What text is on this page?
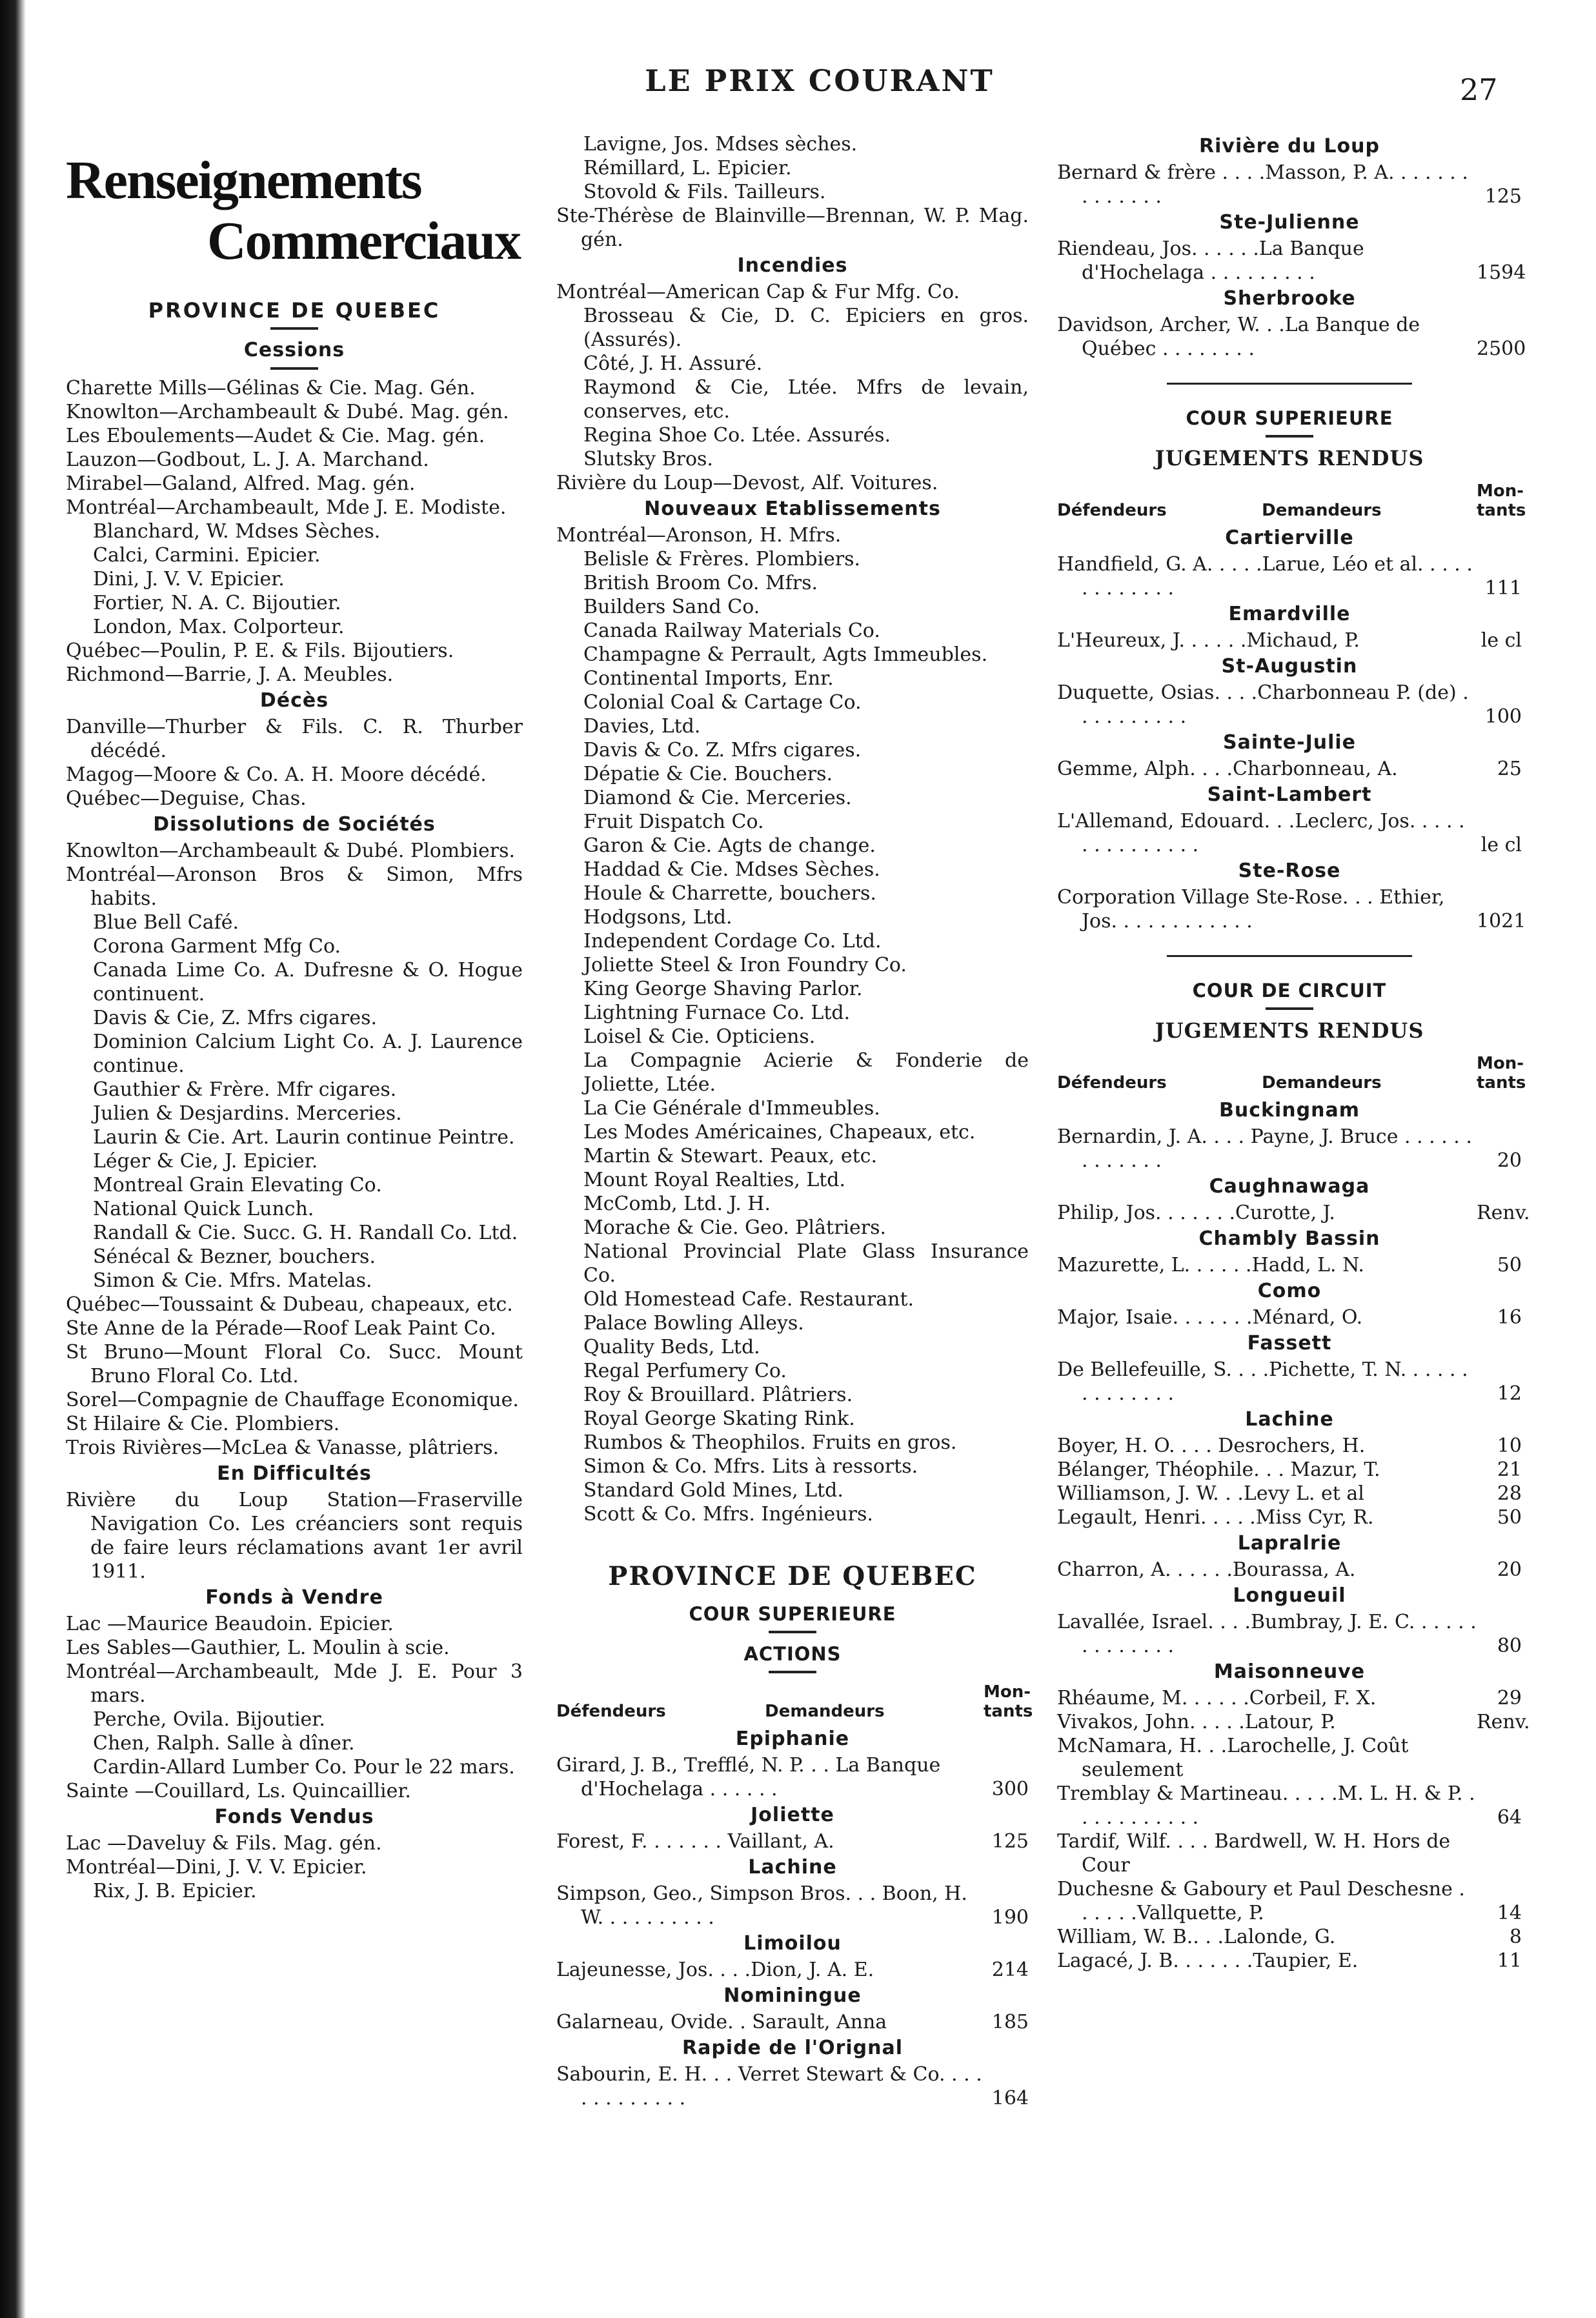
LE PRIX COURANT	27
Renseignements
Commerciaux
PROVINCE DE QUEBEC
Cessions
Charette Mills—Gélinas & Cie. Mag. Gén.
Knowlton—Archambeault & Dubé. Mag. gén.
Les Eboulements—Audet & Cie. Mag. gén.
Lauzon—Godbout, L. J. A. Marchand.
Mirabel—Galand, Alfred. Mag. gén.
Montréal—Archambeault, Mde J. E. Modiste.
Blanchard, W. Mdses Sèches.
Calci, Carmini. Epicier.
Dini, J. V. V. Epicier.
Fortier, N. A. C. Bijoutier.
London, Max. Colporteur.
Québec—Poulin, P. E. & Fils. Bijoutiers.
Richmond—Barrie, J. A. Meubles.
Décès
Danville—Thurber & Fils. C. R. Thurber décédé.
Magog—Moore & Co. A. H. Moore décédé.
Québec—Deguise, Chas.
Dissolutions de Sociétés
Knowlton—Archambeault & Dubé. Plombiers.
Montréal—Aronson Bros & Simon, Mfrs habits.
Blue Bell Café.
Corona Garment Mfg Co.
Canada Lime Co. A. Dufresne & O. Hogue continuent.
Davis & Cie, Z. Mfrs cigares.
Dominion Calcium Light Co. A. J. Laurence continue.
Gauthier & Frère. Mfr cigares.
Julien & Desjardins. Merceries.
Laurin & Cie. Art. Laurin continue Peintre.
Léger & Cie, J. Epicier.
Montreal Grain Elevating Co.
National Quick Lunch.
Randall & Cie. Succ. G. H. Randall Co. Ltd.
Sénécal & Bezner, bouchers.
Simon & Cie. Mfrs. Matelas.
Québec—Toussaint & Dubeau, chapeaux, etc.
Ste Anne de la Pérade—Roof Leak Paint Co.
St Bruno—Mount Floral Co. Succ. Mount Bruno Floral Co. Ltd.
Sorel—Compagnie de Chauffage Economique.
St Hilaire & Cie. Plombiers.
Trois Rivières—McLea & Vanasse, plâtriers.
En Difficultés
Rivière du Loup Station—Fraserville Navigation Co. Les créanciers sont requis de faire leurs réclamations avant 1er avril 1911.
Fonds à Vendre
Lac —Maurice Beaudoin. Epicier.
Les Sables—Gauthier, L. Moulin à scie.
Montréal—Archambeault, Mde J. E. Pour 3 mars.
Perche, Ovila. Bijoutier.
Chen, Ralph. Salle à dîner.
Cardin-Allard Lumber Co. Pour le 22 mars.
Sainte —Couillard, Ls. Quincaillier.
Fonds Vendus
Lac —Daveluy & Fils. Mag. gén.
Montréal—Dini, J. V. V. Epicier.
Rix, J. B. Epicier.
Lavigne, Jos. Mdses sèches.
Rémillard, L. Epicier.
Stovold & Fils. Tailleurs.
Ste-Thérèse de Blainville—Brennan, W. P. Mag. gén.
Incendies
Montréal—American Cap & Fur Mfg. Co.
Brosseau & Cie, D. C. Epiciers en gros. (Assurés).
Côté, J. H. Assuré.
Raymond & Cie, Ltée. Mfrs de levain, conserves, etc.
Regina Shoe Co. Ltée. Assurés.
Slutsky Bros.
Rivière du Loup—Devost, Alf. Voitures.
Nouveaux Etablissements
Montréal—Aronson, H. Mfrs.
Belisle & Frères. Plombiers.
British Broom Co. Mfrs.
Builders Sand Co.
Canada Railway Materials Co.
Champagne & Perrault, Agts Immeubles.
Continental Imports, Enr.
Colonial Coal & Cartage Co.
Davies, Ltd.
Davis & Co. Z. Mfrs cigares.
Dépatie & Cie. Bouchers.
Diamond & Cie. Merceries.
Fruit Dispatch Co.
Garon & Cie. Agts de change.
Haddad & Cie. Mdses Sèches.
Houle & Charrette, bouchers.
Hodgsons, Ltd.
Independent Cordage Co. Ltd.
Joliette Steel & Iron Foundry Co.
King George Shaving Parlor.
Lightning Furnace Co. Ltd.
Loisel & Cie. Opticiens.
La Compagnie Acierie & Fonderie de Joliette, Ltée.
La Cie Générale d'Immeubles.
Les Modes Américaines, Chapeaux, etc.
Martin & Stewart. Peaux, etc.
Mount Royal Realties, Ltd.
McComb, Ltd. J. H.
Morache & Cie. Geo. Plâtriers.
National Provincial Plate Glass Insurance Co.
Old Homestead Cafe. Restaurant.
Palace Bowling Alleys.
Quality Beds, Ltd.
Regal Perfumery Co.
Roy & Brouillard. Plâtriers.
Royal George Skating Rink.
Rumbos & Theophilos. Fruits en gros.
Simon & Co. Mfrs. Lits à ressorts.
Standard Gold Mines, Ltd.
Scott & Co. Mfrs. Ingénieurs.
PROVINCE DE QUEBEC
COUR SUPERIEURE
ACTIONS
Défendeurs	Demandeurs
Mon- tants
Epiphanie
Girard, J. B., Trefflé, N. P. . . La Banque d'Hochelaga . . . . . .	300
Joliette
Forest, F. . . . . . . Vaillant, A.	125
Lachine
Simpson, Geo., Simpson Bros. . . Boon, H. W. . . . . . . . . .	190
Limoilou
Lajeunesse, Jos. . . .Dion, J. A. E.	214
Nominingue
Galarneau, Ovide. . Sarault, Anna	185
Rapide de l'Orignal
Sabourin, E. H. . . Verret Stewart & Co. . . . . . . . . . . . .	164
Rivière du Loup
Bernard & frère . . . .Masson, P. A. . . . . . . . . . . . . .	125
Ste-Julienne
Riendeau, Jos. . . . . .La Banque d'Hochelaga . . . . . . . . .	1594
Sherbrooke
Davidson, Archer, W. . .La Banque de Québec . . . . . . . .	2500
COUR SUPERIEURE
JUGEMENTS RENDUS
Défendeurs	Demandeurs
Mon- tants
Cartierville
Handfield, G. A. . . . .Larue, Léo et al. . . . . . . . . . . . .	111
Emardville
L'Heureux, J. . . . . .Michaud, P.	le cl
St-Augustin
Duquette, Osias. . . .Charbonneau P. (de) . . . . . . . . . .	100
Sainte-Julie
Gemme, Alph. . . .Charbonneau, A.	25
Saint-Lambert
L'Allemand, Edouard. . .Leclerc, Jos. . . . . . . . . . . . . . .	le cl
Ste-Rose
Corporation Village Ste-Rose. . . Ethier, Jos. . . . . . . . . . . .	1021
COUR DE CIRCUIT
JUGEMENTS RENDUS
Défendeurs	Demandeurs
Mon- tants
Buckingnam
Bernardin, J. A. . . . Payne, J. Bruce . . . . . . . . . . . . .	20
Caughnawaga
Philip, Jos. . . . . . .Curotte, J.	Renv.
Chambly Bassin
Mazurette, L. . . . . .Hadd, L. N.	50
Como
Major, Isaie. . . . . . .Ménard, O.	16
Fassett
De Bellefeuille, S. . . .Pichette, T. N. . . . . . . . . . . . . .	12
Lachine
Boyer, H. O. . . . Desrochers, H.	10
Bélanger, Théophile. . . Mazur, T.	21
Williamson, J. W. . .Levy L. et al	28
Legault, Henri. . . . .Miss Cyr, R.	50
Lapralrie
Charron, A. . . . . .Bourassa, A.	20
Longueuil
Lavallée, Israel. . . .Bumbray, J. E. C. . . . . . . . . . . . . .	80
Maisonneuve
Rhéaume, M. . . . . .Corbeil, F. X.	29
Vivakos, John. . . . .Latour, P.	Renv.
McNamara, H. . .Larochelle, J. Coût seulement
Tremblay & Martineau. . . . .M. L. H. & P. . . . . . . . . . . .	64
Tardif, Wilf. . . . Bardwell, W. H. Hors de Cour
Duchesne & Gaboury et Paul Deschesne . . . . . .Vallquette, P.	14
William, W. B.. . .Lalonde, G.	8
Lagacé, J. B. . . . . . .Taupier, E.	11
